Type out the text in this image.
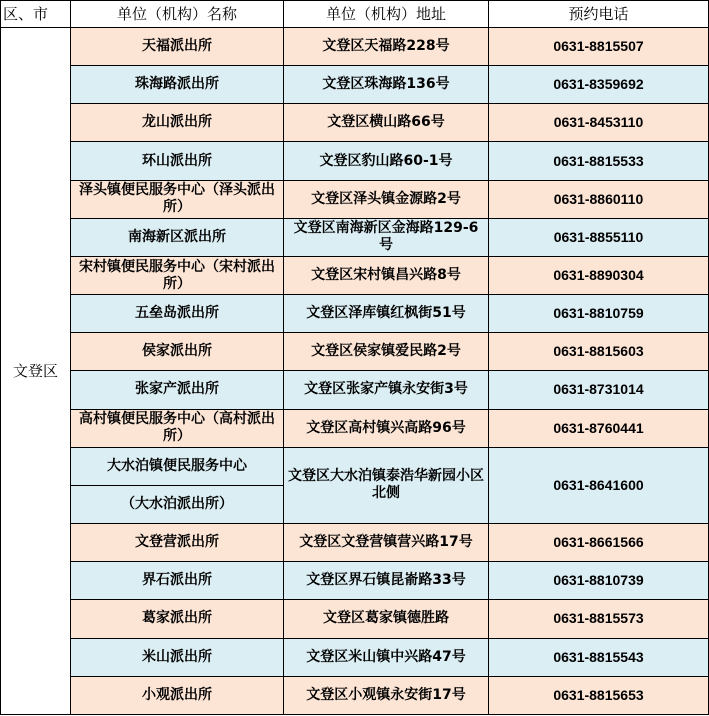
区、市	单位（机构）名称	单位（机构）地址	预约电话
文登区	天福派出所	文登区天福路228号	0631-8815507
	珠海路派出所	文登区珠海路136号	0631-8359692
	龙山派出所	文登区横山路66号	0631-8453110
	环山派出所	文登区豹山路60-1号	0631-8815533
	泽头镇便民服务中心（泽头派出所）	文登区泽头镇金源路2号	0631-8860110
	南海新区派出所	文登区南海新区金海路129-6号	0631-8855110
	宋村镇便民服务中心（宋村派出所）	文登区宋村镇昌兴路8号	0631-8890304
	五垒岛派出所	文登区泽库镇红枫街51号	0631-8810759
	侯家派出所	文登区侯家镇爱民路2号	0631-8815603
	张家产派出所	文登区张家产镇永安街3号	0631-8731014
	高村镇便民服务中心（高村派出所）	文登区高村镇兴高路96号	0631-8760441
	大水泊镇便民服务中心	文登区大水泊镇泰浩华新园小区北侧	0631-8641600
	（大水泊派出所）		
	文登营派出所	文登区文登营镇营兴路17号	0631-8661566
	界石派出所	文登区界石镇昆嵛路33号	0631-8810739
	葛家派出所	文登区葛家镇德胜路	0631-8815573
	米山派出所	文登区米山镇中兴路47号	0631-8815543
	小观派出所	文登区小观镇永安街17号	0631-8815653
